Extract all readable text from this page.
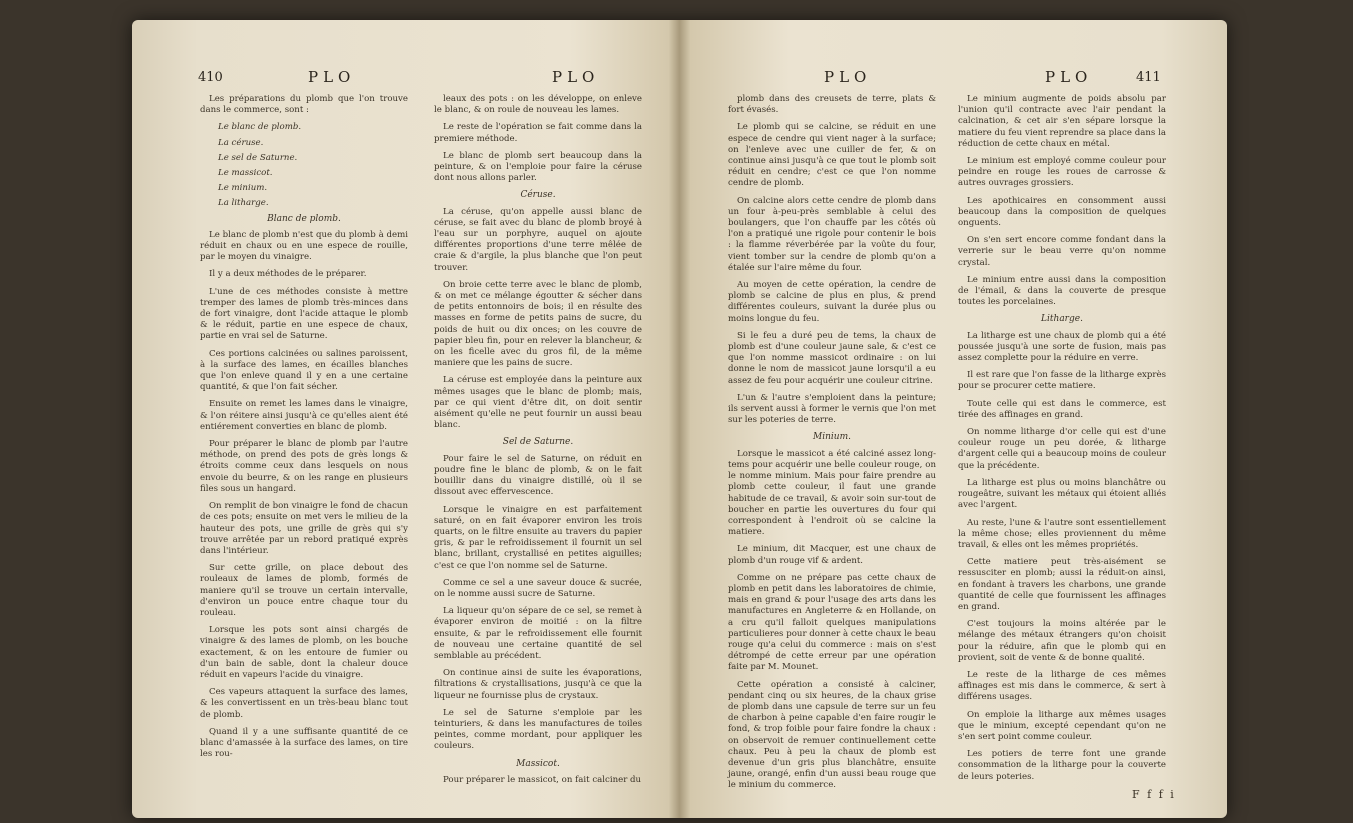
410	PLO	PLO

Les préparations du plomb que l'on trouve dans le commerce, sont :

Le blanc de plomb.

La céruse.

Le sel de Saturne.

Le massicot.

Le minium.

La litharge.

Blanc de plomb.

Le blanc de plomb n'est que du plomb à demi réduit en chaux ou en une espece de rouille, par le moyen du vinaigre.

Il y a deux méthodes de le préparer.

L'une de ces méthodes consiste à mettre tremper des lames de plomb très-minces dans de fort vinaigre, dont l'acide attaque le plomb & le réduit, partie en une espece de chaux, partie en vrai sel de Saturne.

Ces portions calcinées ou salines paroissent, à la surface des lames, en écailles blanches que l'on enleve quand il y en a une certaine quantité, & que l'on fait sécher.

Ensuite on remet les lames dans le vinaigre, & l'on réitere ainsi jusqu'à ce qu'elles aient été entiérement converties en blanc de plomb.

Pour préparer le blanc de plomb par l'autre méthode, on prend des pots de grès longs & étroits comme ceux dans lesquels on nous envoie du beurre, & on les range en plusieurs files sous un hangard.

On remplit de bon vinaigre le fond de chacun de ces pots; ensuite on met vers le milieu de la hauteur des pots, une grille de grès qui s'y trouve arrêtée par un rebord pratiqué exprès dans l'intérieur.

Sur cette grille, on place debout des rouleaux de lames de plomb, formés de maniere qu'il se trouve un certain intervalle, d'environ un pouce entre chaque tour du rouleau.

Lorsque les pots sont ainsi chargés de vinaigre & des lames de plomb, on les bouche exactement, & on les entoure de fumier ou d'un bain de sable, dont la chaleur douce réduit en vapeurs l'acide du vinaigre.

Ces vapeurs attaquent la surface des lames, & les convertissent en un très-beau blanc tout de plomb.

Quand il y a une suffisante quantité de ce blanc d'amassée à la surface des lames, on tire les rou-

leaux des pots : on les développe, on enleve le blanc, & on roule de nouveau les lames.

Le reste de l'opération se fait comme dans la premiere méthode.

Le blanc de plomb sert beaucoup dans la peinture, & on l'emploie pour faire la céruse dont nous allons parler.

Céruse.

La céruse, qu'on appelle aussi blanc de céruse, se fait avec du blanc de plomb broyé à l'eau sur un porphyre, auquel on ajoute différentes proportions d'une terre mêlée de craie & d'argile, la plus blanche que l'on peut trouver.

On broie cette terre avec le blanc de plomb, & on met ce mélange égoutter & sécher dans de petits entonnoirs de bois; il en résulte des masses en forme de petits pains de sucre, du poids de huit ou dix onces; on les couvre de papier bleu fin, pour en relever la blancheur, & on les ficelle avec du gros fil, de la même maniere que les pains de sucre.

La céruse est employée dans la peinture aux mêmes usages que le blanc de plomb; mais, par ce qui vient d'être dit, on doit sentir aisément qu'elle ne peut fournir un aussi beau blanc.

Sel de Saturne.

Pour faire le sel de Saturne, on réduit en poudre fine le blanc de plomb, & on le fait bouillir dans du vinaigre distillé, où il se dissout avec effervescence.

Lorsque le vinaigre en est parfaitement saturé, on en fait évaporer environ les trois quarts, on le filtre ensuite au travers du papier gris, & par le refroidissement il fournit un sel blanc, brillant, crystallisé en petites aiguilles; c'est ce que l'on nomme sel de Saturne.

Comme ce sel a une saveur douce & sucrée, on le nomme aussi sucre de Saturne.

La liqueur qu'on sépare de ce sel, se remet à évaporer environ de moitié : on la filtre ensuite, & par le refroidissement elle fournit de nouveau une certaine quantité de sel semblable au précédent.

On continue ainsi de suite les évaporations, filtrations & crystallisations, jusqu'à ce que la liqueur ne fournisse plus de crystaux.

Le sel de Saturne s'emploie par les teinturiers, & dans les manufactures de toiles peintes, comme mordant, pour appliquer les couleurs.

Massicot.

Pour préparer le massicot, on fait calciner du

PLO	PLO	411

plomb dans des creusets de terre, plats & fort évasés.

Le plomb qui se calcine, se réduit en une espece de cendre qui vient nager à la surface; on l'enleve avec une cuiller de fer, & on continue ainsi jusqu'à ce que tout le plomb soit réduit en cendre; c'est ce que l'on nomme cendre de plomb.

On calcine alors cette cendre de plomb dans un four à-peu-près semblable à celui des boulangers, que l'on chauffe par les côtés où l'on a pratiqué une rigole pour contenir le bois : la flamme réverbérée par la voûte du four, vient tomber sur la cendre de plomb qu'on a étalée sur l'aire même du four.

Au moyen de cette opération, la cendre de plomb se calcine de plus en plus, & prend différentes couleurs, suivant la durée plus ou moins longue du feu.

Si le feu a duré peu de tems, la chaux de plomb est d'une couleur jaune sale, & c'est ce que l'on nomme massicot ordinaire : on lui donne le nom de massicot jaune lorsqu'il a eu assez de feu pour acquérir une couleur citrine.

L'un & l'autre s'emploient dans la peinture; ils servent aussi à former le vernis que l'on met sur les poteries de terre.

Minium.

Lorsque le massicot a été calciné assez long-tems pour acquérir une belle couleur rouge, on le nomme minium. Mais pour faire prendre au plomb cette couleur, il faut une grande habitude de ce travail, & avoir soin sur-tout de boucher en partie les ouvertures du four qui correspondent à l'endroit où se calcine la matiere.

Le minium, dit Macquer, est une chaux de plomb d'un rouge vif & ardent.

Comme on ne prépare pas cette chaux de plomb en petit dans les laboratoires de chimie, mais en grand & pour l'usage des arts dans les manufactures en Angleterre & en Hollande, on a cru qu'il falloit quelques manipulations particulieres pour donner à cette chaux le beau rouge qu'a celui du commerce : mais on s'est détrompé de cette erreur par une opération faite par M. Mounet.

Cette opération a consisté à calciner, pendant cinq ou six heures, de la chaux grise de plomb dans une capsule de terre sur un feu de charbon à peine capable d'en faire rougir le fond, & trop foible pour faire fondre la chaux : on observoit de remuer continuellement cette chaux. Peu à peu la chaux de plomb est devenue d'un gris plus blanchâtre, ensuite jaune, orangé, enfin d'un aussi beau rouge que le minium du commerce.

Le minium augmente de poids absolu par l'union qu'il contracte avec l'air pendant la calcination, & cet air s'en sépare lorsque la matiere du feu vient reprendre sa place dans la réduction de cette chaux en métal.

Le minium est employé comme couleur pour peindre en rouge les roues de carrosse & autres ouvrages grossiers.

Les apothicaires en consomment aussi beaucoup dans la composition de quelques onguents.

On s'en sert encore comme fondant dans la verrerie sur le beau verre qu'on nomme crystal.

Le minium entre aussi dans la composition de l'émail, & dans la couverte de presque toutes les porcelaines.

Litharge.

La litharge est une chaux de plomb qui a été poussée jusqu'à une sorte de fusion, mais pas assez complette pour la réduire en verre.

Il est rare que l'on fasse de la litharge exprès pour se procurer cette matiere.

Toute celle qui est dans le commerce, est tirée des affinages en grand.

On nomme litharge d'or celle qui est d'une couleur rouge un peu dorée, & litharge d'argent celle qui a beaucoup moins de couleur que la précédente.

La litharge est plus ou moins blanchâtre ou rougeâtre, suivant les métaux qui étoient alliés avec l'argent.

Au reste, l'une & l'autre sont essentiellement la même chose; elles proviennent du même travail, & elles ont les mêmes propriétés.

Cette matiere peut très-aisément se ressusciter en plomb; aussi la réduit-on ainsi, en fondant à travers les charbons, une grande quantité de celle que fournissent les affinages en grand.

C'est toujours la moins altérée par le mélange des métaux étrangers qu'on choisit pour la réduire, afin que le plomb qui en provient, soit de vente & de bonne qualité.

Le reste de la litharge de ces mêmes affinages est mis dans le commerce, & sert à différens usages.

On emploie la litharge aux mêmes usages que le minium, excepté cependant qu'on ne s'en sert point comme couleur.

Les potiers de terre font une grande consommation de la litharge pour la couverte de leurs poteries.

F f f i
